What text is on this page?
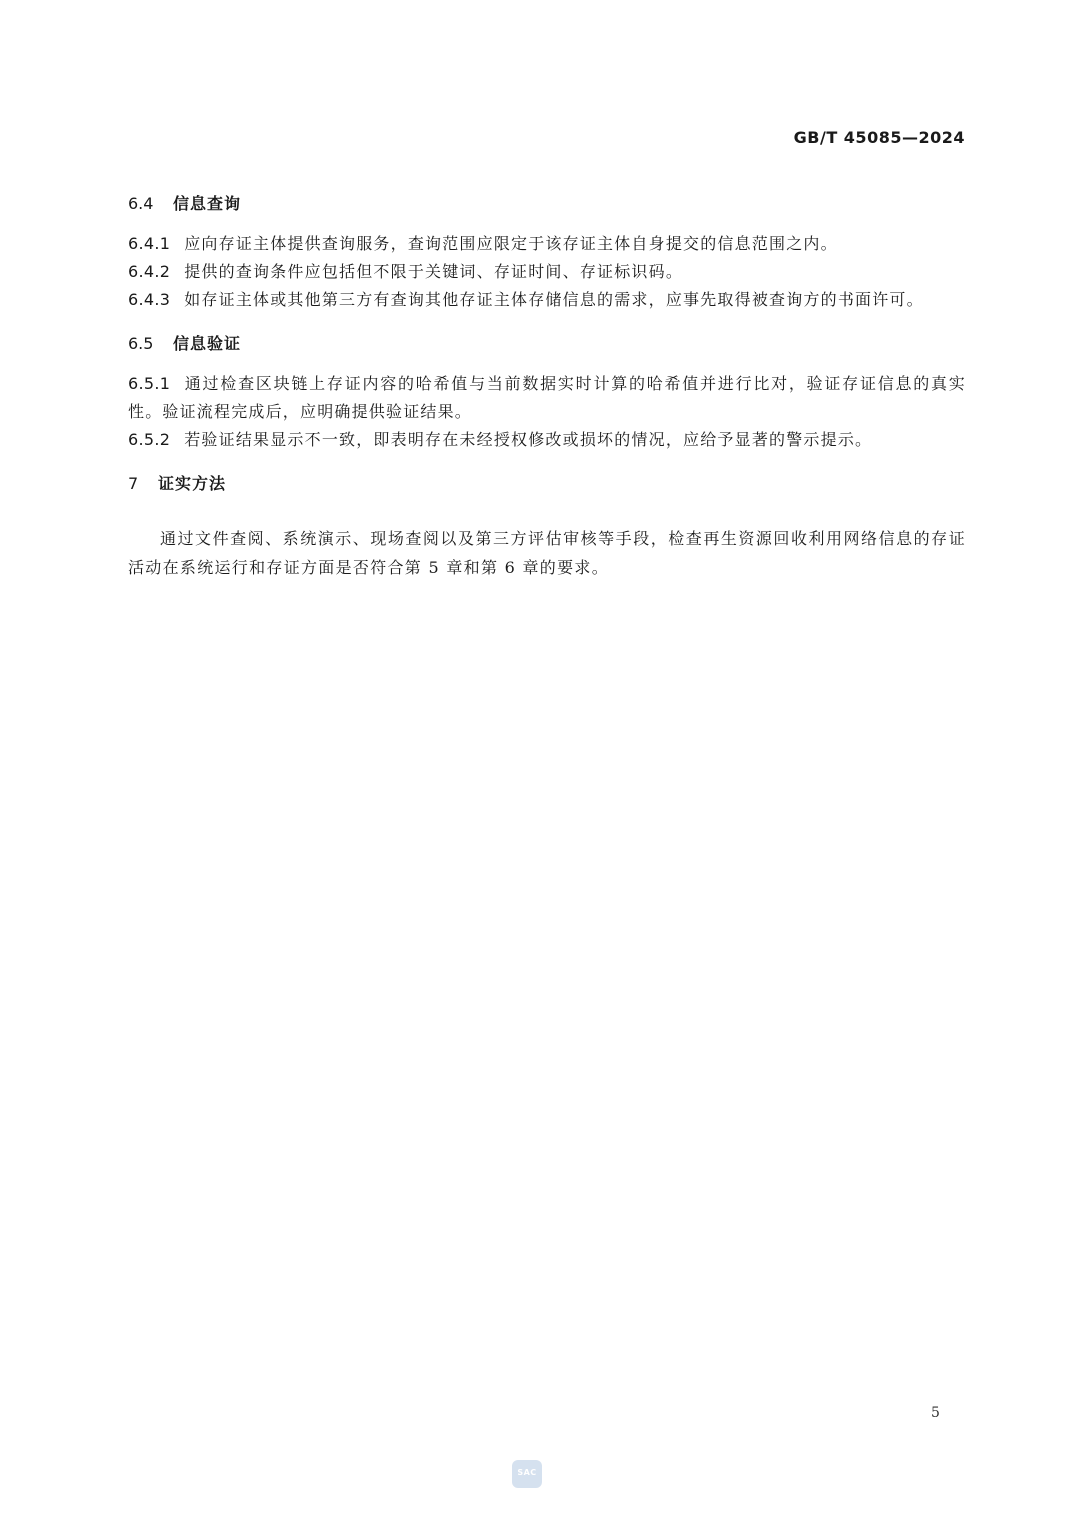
GB/T 45085—2024
6.4	信息查询

6.4.1 应向存证主体提供查询服务，查询范围应限定于该存证主体自身提交的信息范围之内。

6.4.2 提供的查询条件应包括但不限于关键词、存证时间、存证标识码。

6.4.3 如存证主体或其他第三方有查询其他存证主体存储信息的需求，应事先取得被查询方的书面许可。

6.5	信息验证

6.5.1 通过检查区块链上存证内容的哈希值与当前数据实时计算的哈希值并进行比对，验证存证信息的真实性。验证流程完成后，应明确提供验证结果。

6.5.2 若验证结果显示不一致，即表明存在未经授权修改或损坏的情况，应给予显著的警示提示。

7	证实方法

通过文件查阅、系统演示、现场查阅以及第三方评估审核等手段，检查再生资源回收利用网络信息的存证活动在系统运行和存证方面是否符合第 5 章和第 6 章的要求。

5
SAC
